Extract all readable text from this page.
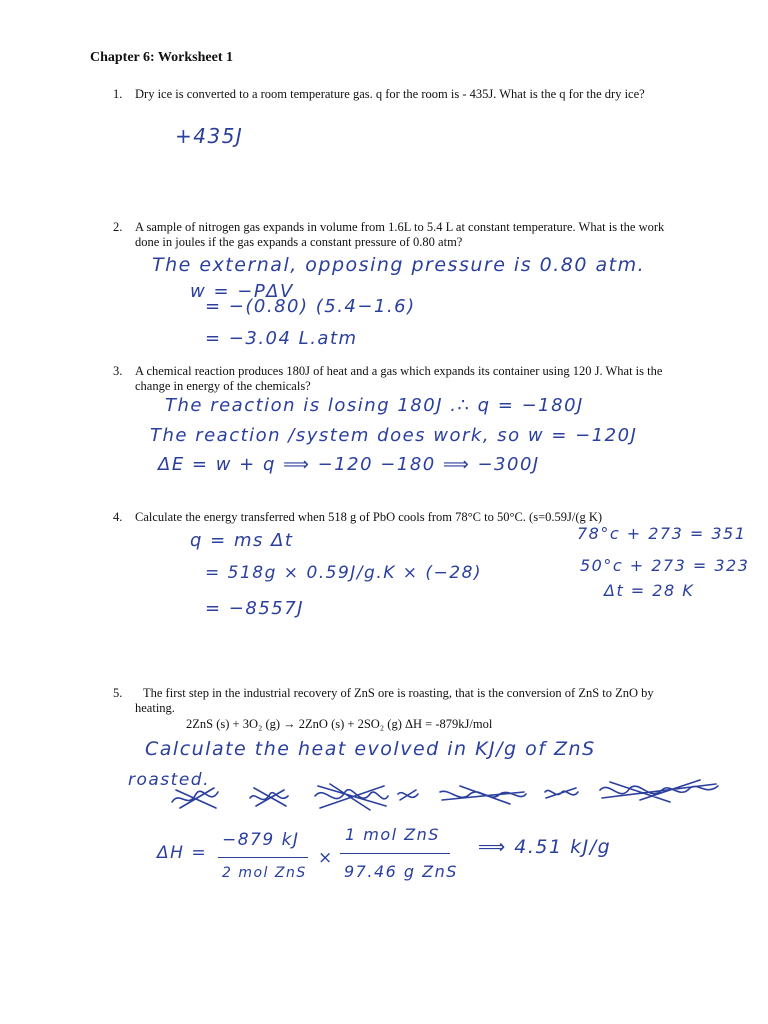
Chapter 6: Worksheet 1
1. Dry ice is converted to a room temperature gas. q for the room is - 435J. What is the q for the dry ice?
+435J
2. A sample of nitrogen gas expands in volume from 1.6L to 5.4 L at constant temperature. What is the work done in joules if the gas expands a constant pressure of 0.80 atm?
The external, opposing pressure is 0.80 atm.
w = −PΔV
= −(0.80) (5.4−1.6)
= −3.04 L.atm
3. A chemical reaction produces 180J of heat and a gas which expands its container using 120 J. What is the change in energy of the chemicals?
The reaction is losing 180J .∴ q = −180J
The reaction /system does work, so w = −120J
ΔE = w + q ⟹ −120 −180 ⟹ −300J
4. Calculate the energy transferred when 518 g of PbO cools from 78°C to 50°C. (s=0.59J/(g K)
q = ms Δt
= 518g × 0.59J/g.K × (−28)
= −8557J
78°c + 273 = 351
50°c + 273 = 323
Δt = 28 K
5.	The first step in the industrial recovery of ZnS ore is roasting, that is the conversion of ZnS to ZnO by heating.
2ZnS (s) + 3O₂ (g) → 2ZnO (s) + 2SO₂ (g) ΔH = -879kJ/mol
Calculate the heat evolved in KJ/g of ZnS
roasted.
ΔH =
−879 kJ
2 mol ZnS
×
1 mol ZnS
97.46 g ZnS
⟹ 4.51 kJ/g
